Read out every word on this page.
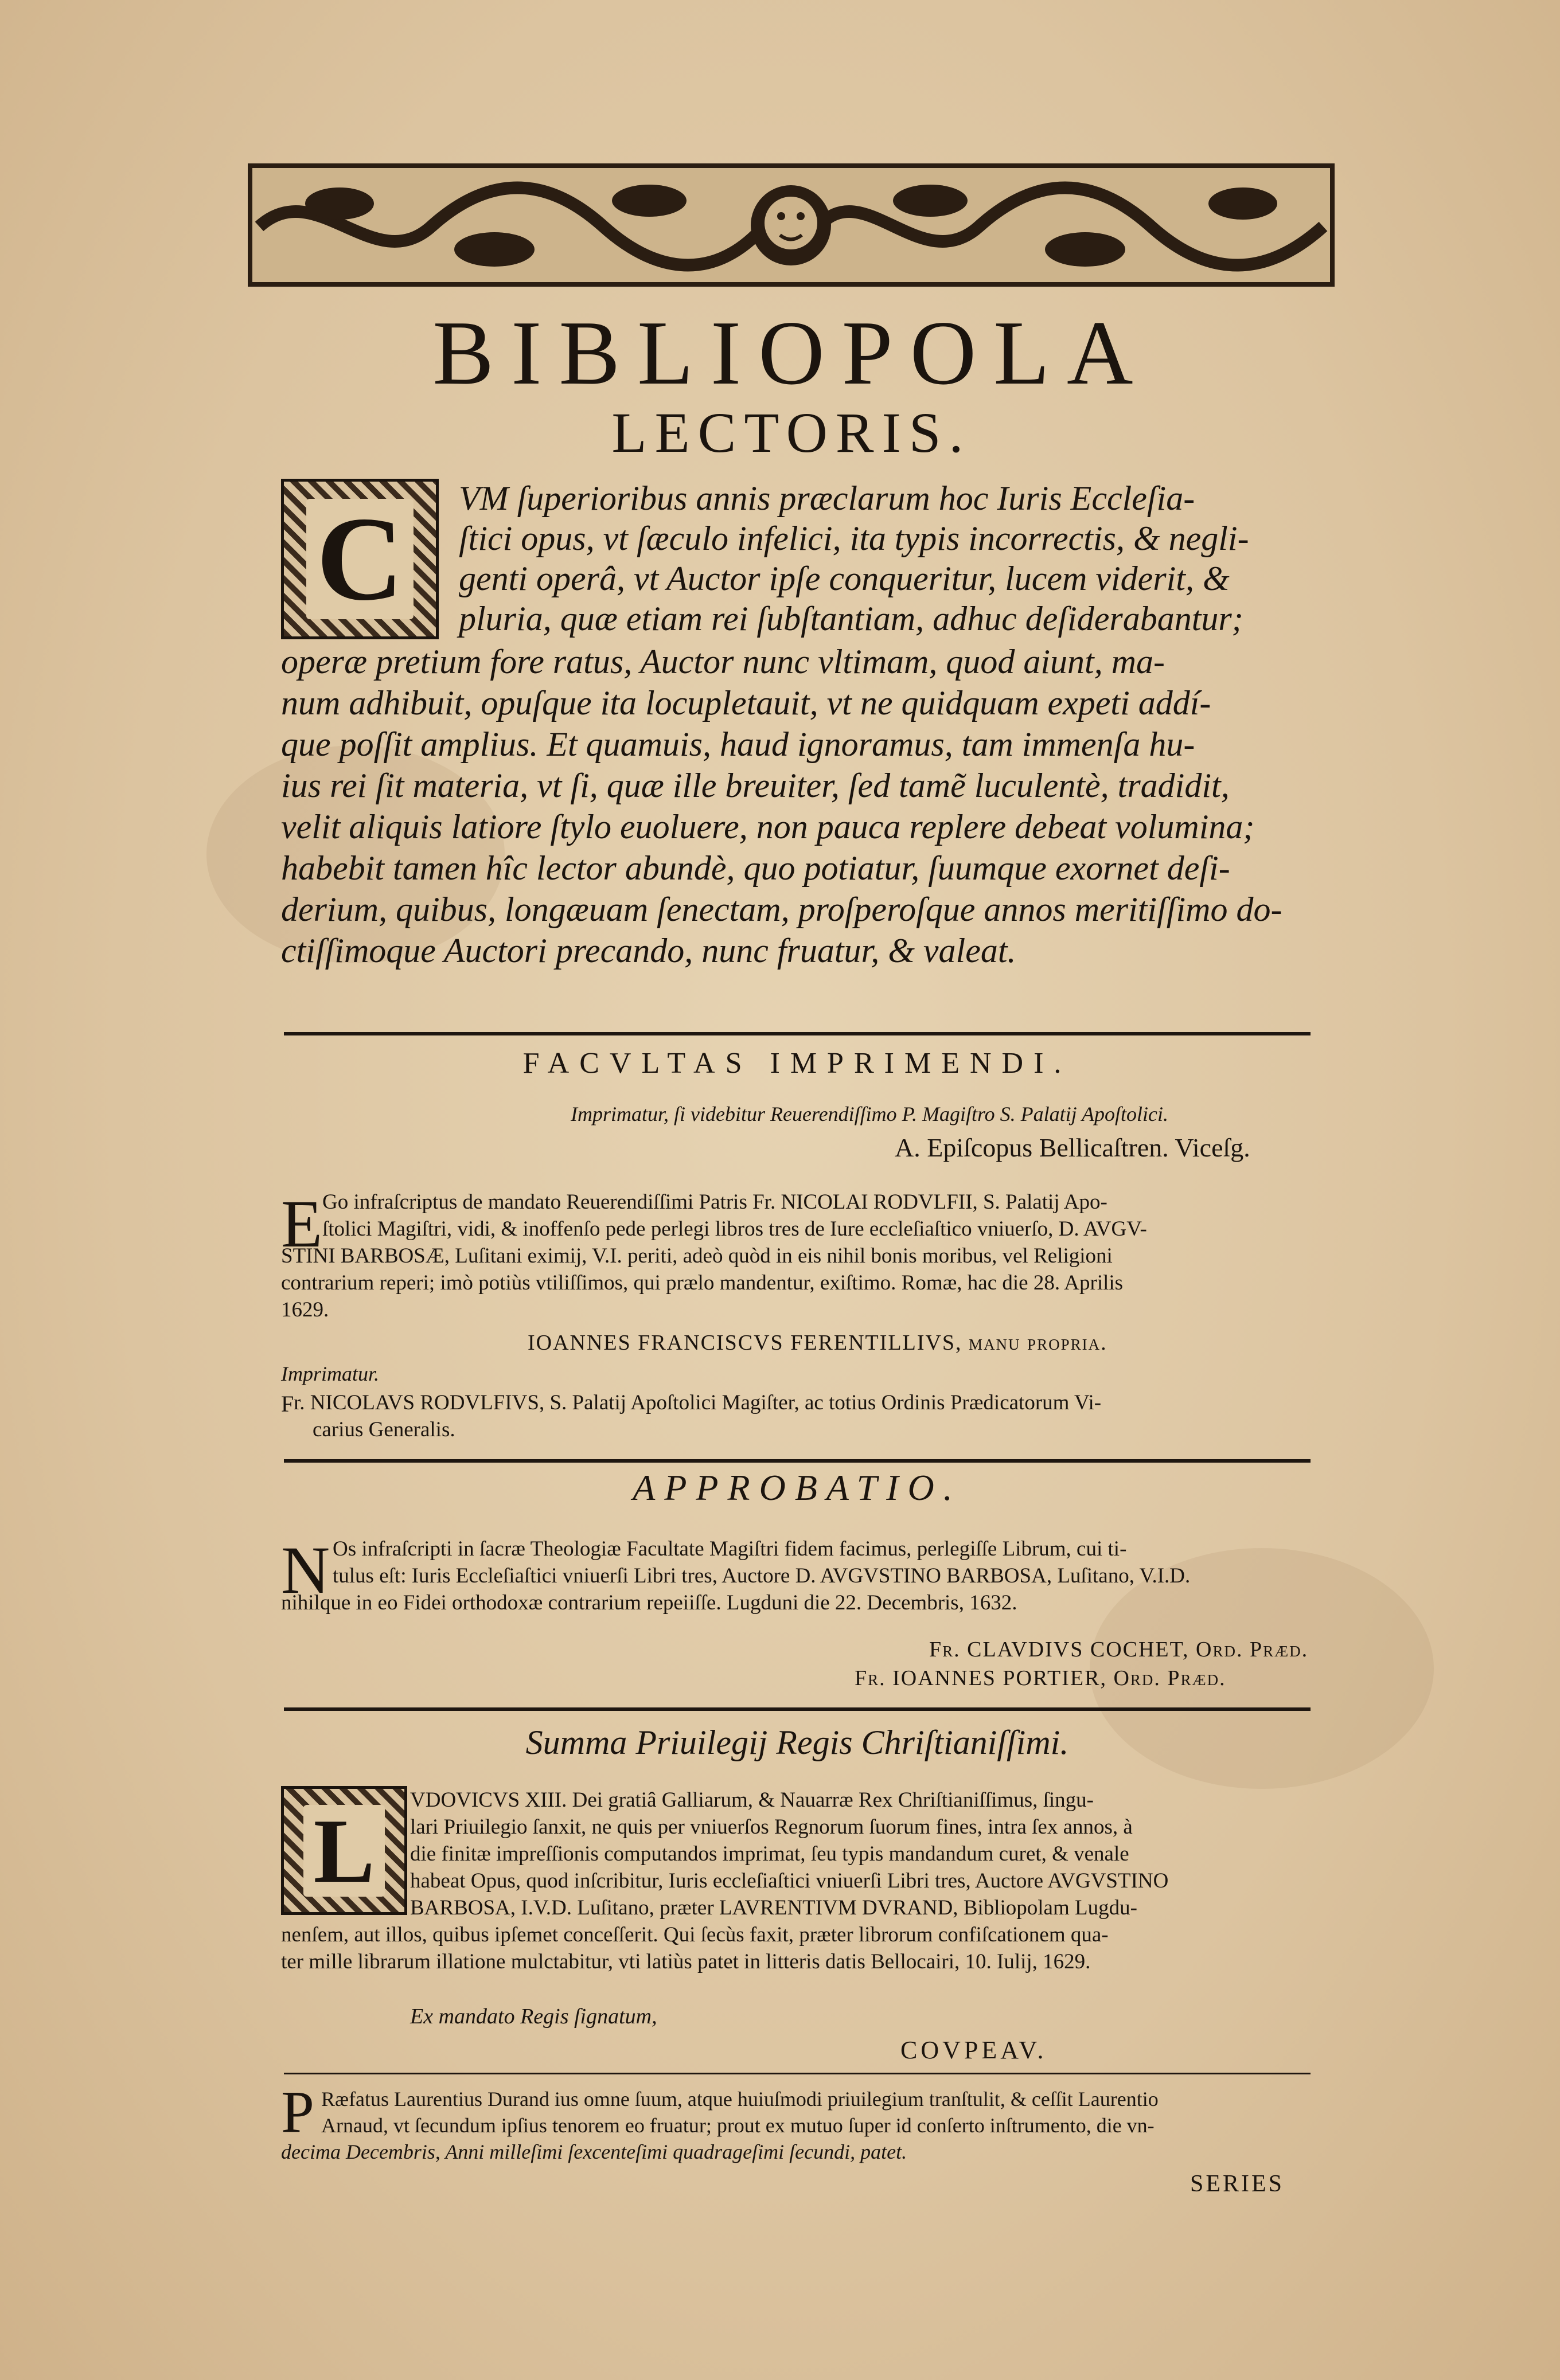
BIBLIOPOLA
LECTORIS.
C	VM ſuperioribus annis præclarum hoc Iuris Eccleſia-
ſtici opus, vt ſæculo infelici, ita typis incorrectis, & negli-
genti operâ, vt Auctor ipſe conqueritur, lucem viderit, &
pluria, quæ etiam rei ſubſtantiam, adhuc deſiderabantur;
operæ pretium fore ratus, Auctor nunc vltimam, quod aiunt, ma-
num adhibuit, opuſque ita locupletauit, vt ne quidquam expeti addí-
que poſſit amplius. Et quamuis, haud ignoramus, tam immenſa hu-
ius rei ſit materia, vt ſi, quæ ille breuiter, ſed tamẽ luculentè, tradidit,
velit aliquis latiore ſtylo euoluere, non pauca replere debeat volumina;
habebit tamen hîc lector abundè, quo potiatur, ſuumque exornet deſi-
derium, quibus, longæuam ſenectam, proſperoſque annos meritiſſimo do-
ctiſſimoque Auctori precando, nunc fruatur, & valeat.
FACVLTAS IMPRIMENDI.
Imprimatur, ſi videbitur Reuerendiſſimo P. Magiſtro S. Palatij Apoſtolici.
A. Epiſcopus Bellicaſtren. Viceſg.
E Go infraſcriptus de mandato Reuerendiſſimi Patris Fr. NICOLAI RODVLFII, S. Palatij Apo-
ſtolici Magiſtri, vidi, & inoffenſo pede perlegi libros tres de Iure eccleſiaſtico vniuerſo, D. AVGV-
STINI BARBOSÆ, Luſitani eximij, V.I. periti, adeò quòd in eis nihil bonis moribus, vel Religioni
contrarium reperi; imò potiùs vtiliſſimos, qui prælo mandentur, exiſtimo. Romæ, hac die 28. Aprilis
1629.
IOANNES FRANCISCVS FERENTILLIVS, manu propria.
Imprimatur.
F r. NICOLAVS RODVLFIVS, S. Palatij Apoſtolici Magiſter, ac totius Ordinis Prædicatorum Vi-
carius Generalis.
APPROBATIO.
N Os infraſcripti in ſacræ Theologiæ Facultate Magiſtri fidem facimus, perlegiſſe Librum, cui ti-
tulus eſt: Iuris Eccleſiaſtici vniuerſi Libri tres, Auctore D. AVGVSTINO BARBOSA, Luſitano, V.I.D.
nihilque in eo Fidei orthodoxæ contrarium repeiiſſe. Lugduni die 22. Decembris, 1632.
Fr. CLAVDIVS COCHET, Ord. Præd.
Fr. IOANNES PORTIER, Ord. Præd.
Summa Priuilegij Regis Chriſtianiſſimi.
L	VDOVICVS XIII. Dei gratiâ Galliarum, & Nauarræ Rex Chriſtianiſſimus, ſingu-
lari Priuilegio ſanxit, ne quis per vniuerſos Regnorum ſuorum fines, intra ſex annos, à
die finitæ impreſſionis computandos imprimat, ſeu typis mandandum curet, & venale
habeat Opus, quod inſcribitur, Iuris eccleſiaſtici vniuerſi Libri tres, Auctore AVGVSTINO
BARBOSA, I.V.D. Luſitano, præter LAVRENTIVM DVRAND, Bibliopolam Lugdu-
nenſem, aut illos, quibus ipſemet conceſſerit. Qui ſecùs faxit, præter librorum confiſcationem qua-
ter mille librarum illatione mulctabitur, vti latiùs patet in litteris datis Bellocairi, 10. Iulij, 1629.
Ex mandato Regis ſignatum,
COVPEAV.
P Ræfatus Laurentius Durand ius omne ſuum, atque huiuſmodi priuilegium tranſtulit, & ceſſit Laurentio
Arnaud, vt ſecundum ipſius tenorem eo fruatur; prout ex mutuo ſuper id conſerto inſtrumento, die vn-
decima Decembris, Anni milleſimi ſexcenteſimi quadrageſimi ſecundi, patet.
SERIES
